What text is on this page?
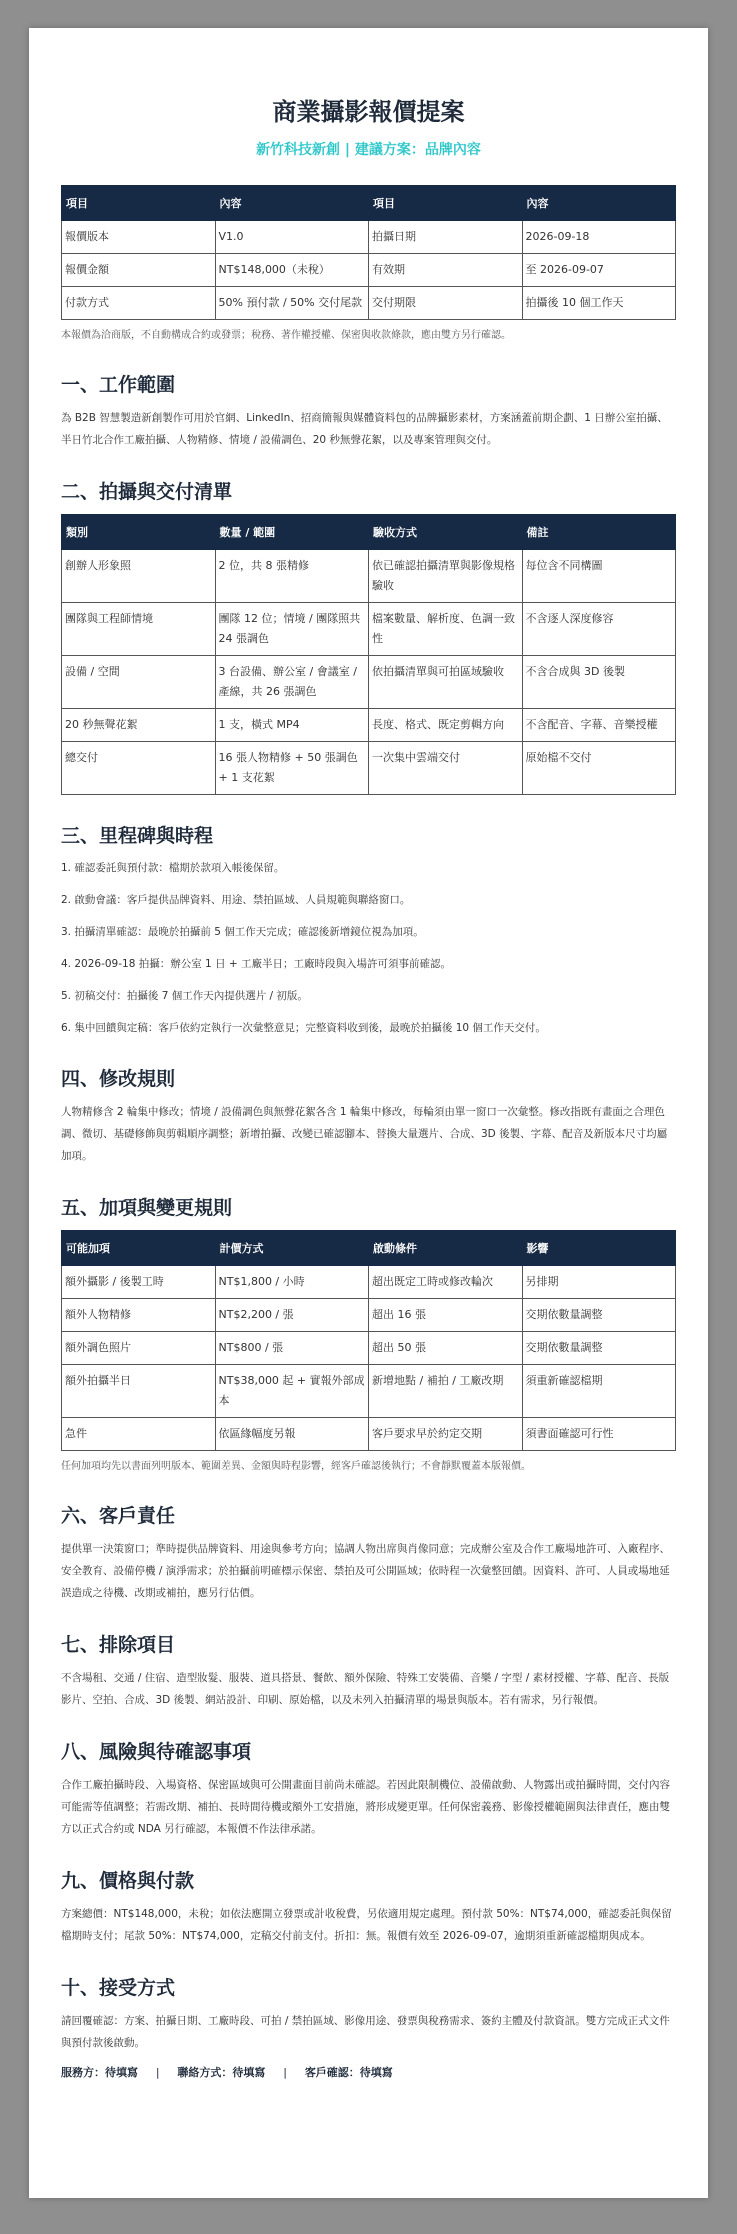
商業攝影報價提案
新竹科技新創 | 建議方案：品牌內容
項目	內容	項目	內容
報價版本	V1.0	拍攝日期	2026-09-18
報價金額	NT$148,000（未稅）	有效期	至 2026-09-07
付款方式	50% 預付款 / 50% 交付尾款	交付期限	拍攝後 10 個工作天

本報價為洽商版，不自動構成合約或發票；稅務、著作權授權、保密與收款條款，應由雙方另行確認。

一、工作範圍

為 B2B 智慧製造新創製作可用於官網、LinkedIn、招商簡報與媒體資料包的品牌攝影素材，方案涵蓋前期企劃、1 日辦公室拍攝、半日竹北合作工廠拍攝、人物精修、情境 / 設備調色、20 秒無聲花絮，以及專案管理與交付。

二、拍攝與交付清單
類別	數量 / 範圍	驗收方式	備註
創辦人形象照	2 位，共 8 張精修	依已確認拍攝清單與影像規格驗收	每位含不同構圖
團隊與工程師情境	團隊 12 位；情境 / 團隊照共 24 張調色	檔案數量、解析度、色調一致性	不含逐人深度修容
設備 / 空間	3 台設備、辦公室 / 會議室 / 產線，共 26 張調色	依拍攝清單與可拍區域驗收	不含合成與 3D 後製
20 秒無聲花絮	1 支，橫式 MP4	長度、格式、既定剪輯方向	不含配音、字幕、音樂授權
總交付	16 張人物精修 + 50 張調色 + 1 支花絮	一次集中雲端交付	原始檔不交付
三、里程碑與時程

1. 確認委託與預付款：檔期於款項入帳後保留。

2. 啟動會議：客戶提供品牌資料、用途、禁拍區域、人員規範與聯絡窗口。

3. 拍攝清單確認：最晚於拍攝前 5 個工作天完成；確認後新增鏡位視為加項。

4. 2026-09-18 拍攝：辦公室 1 日 + 工廠半日；工廠時段與入場許可須事前確認。

5. 初稿交付：拍攝後 7 個工作天內提供選片 / 初版。

6. 集中回饋與定稿：客戶依約定執行一次彙整意見；完整資料收到後，最晚於拍攝後 10 個工作天交付。

四、修改規則

人物精修含 2 輪集中修改；情境 / 設備調色與無聲花絮各含 1 輪集中修改，每輪須由單一窗口一次彙整。修改指既有畫面之合理色調、微切、基礎修飾與剪輯順序調整；新增拍攝、改變已確認腳本、替換大量選片、合成、3D 後製、字幕、配音及新版本尺寸均屬加項。

五、加項與變更規則
可能加項	計價方式	啟動條件	影響
額外攝影 / 後製工時	NT$1,800 / 小時	超出既定工時或修改輪次	另排期
額外人物精修	NT$2,200 / 張	超出 16 張	交期依數量調整
額外調色照片	NT$800 / 張	超出 50 張	交期依數量調整
額外拍攝半日	NT$38,000 起 + 實報外部成本	新增地點 / 補拍 / 工廠改期	須重新確認檔期
急件	依區緣幅度另報	客戶要求早於約定交期	須書面確認可行性

任何加項均先以書面列明版本、範圍差異、金額與時程影響，經客戶確認後執行；不會靜默覆蓋本版報價。

六、客戶責任

提供單一決策窗口；準時提供品牌資料、用途與參考方向；協調人物出席與肖像同意；完成辦公室及合作工廠場地許可、入廠程序、安全教育、設備停機 / 演淨需求；於拍攝前明確標示保密、禁拍及可公開區域；依時程一次彙整回饋。因資料、許可、人員或場地延誤造成之待機、改期或補拍，應另行估價。

七、排除項目

不含場租、交通 / 住宿、造型妝髮、服裝、道具搭景、餐飲、額外保險、特殊工安裝備、音樂 / 字型 / 素材授權、字幕、配音、長版影片、空拍、合成、3D 後製、網站設計、印刷、原始檔，以及未列入拍攝清單的場景與版本。若有需求，另行報價。

八、風險與待確認事項

合作工廠拍攝時段、入場資格、保密區域與可公開畫面目前尚未確認。若因此限制機位、設備啟動、人物露出或拍攝時間，交付內容可能需等值調整；若需改期、補拍、長時間待機或額外工安措施，將形成變更單。任何保密義務、影像授權範圍與法律責任，應由雙方以正式合約或 NDA 另行確認，本報價不作法律承諾。

九、價格與付款

方案總價：NT$148,000，未稅；如依法應開立發票或計收稅費，另依適用規定處理。預付款 50%：NT$74,000，確認委託與保留檔期時支付；尾款 50%：NT$74,000，定稿交付前支付。折扣：無。報價有效至 2026-09-07，逾期須重新確認檔期與成本。

十、接受方式

請回覆確認：方案、拍攝日期、工廠時段、可拍 / 禁拍區域、影像用途、發票與稅務需求、簽約主體及付款資訊。雙方完成正式文件與預付款後啟動。

服務方：待填寫 | 聯絡方式：待填寫 | 客戶確認：待填寫
